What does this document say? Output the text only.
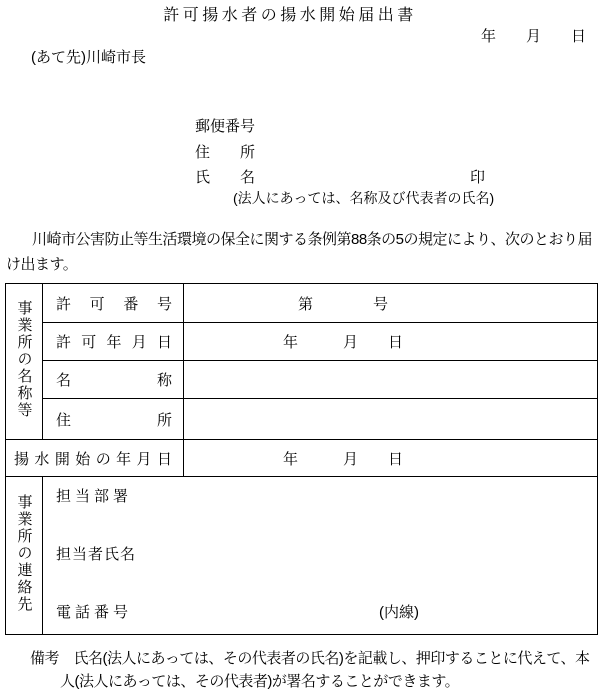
許可揚水者の揚水開始届出書
年　　月　　日
(あて先)川崎市長
郵便番号
住　　所
氏　　名	印
(法人にあっては、名称及び代表者の氏名)
川崎市公害防止等生活環境の保全に関する条例第88条の5の規定により、次のとおり届
け出ます。
事業所の名称等	許可番号	第　　　　号
	許可年月日	年　　　月　　日
	名称	
	住所	
揚水開始の年月日		年　　　月　　日
事業所の連絡先	担当部署
担当者氏名
電話番号 (内線)	
備考　氏名(法人にあっては、その代表者の氏名)を記載し、押印することに代えて、本
人(法人にあっては、その代表者)が署名することができます。
